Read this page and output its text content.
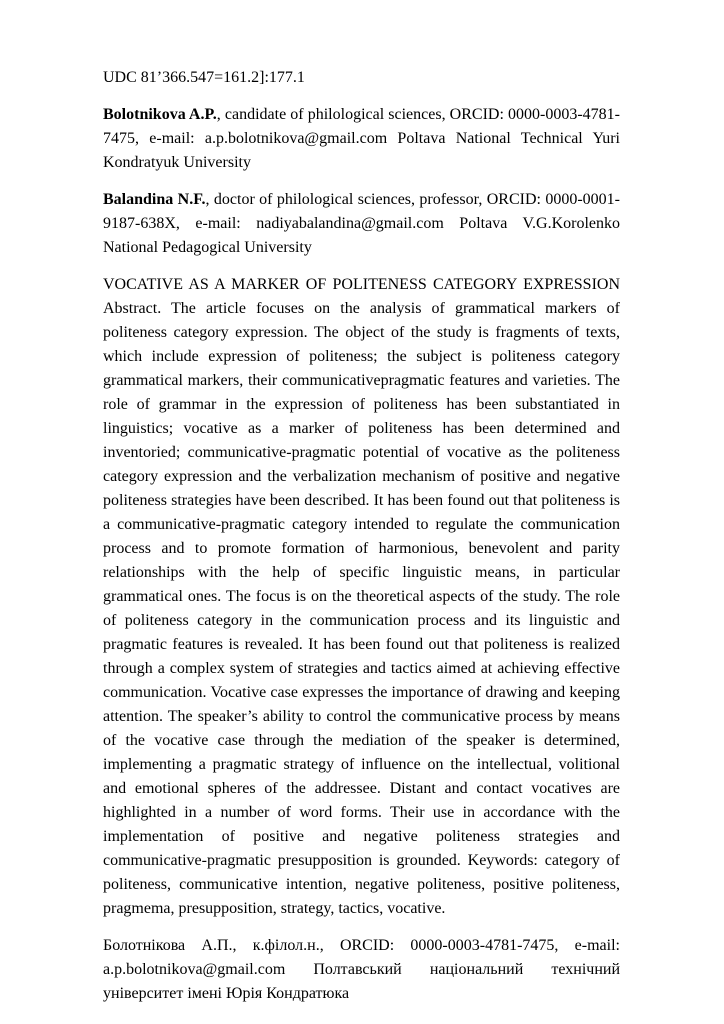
UDC 81’366.547=161.2]:177.1

Bolotnikova A.P., candidate of philological sciences, ORCID: 0000-0003-4781-7475, e-mail: a.p.bolotnikova@gmail.com Poltava National Technical Yuri Kondratyuk University

Balandina N.F., doctor of philological sciences, professor, ORCID: 0000-0001-9187-638X, e-mail: nadiyabalandina@gmail.com Poltava V.G.Korolenko National Pedagogical University

VOCATIVE AS A MARKER OF POLITENESS CATEGORY EXPRESSION Abstract. The article focuses on the analysis of grammatical markers of politeness category expression. The object of the study is fragments of texts, which include expression of politeness; the subject is politeness category grammatical markers, their communicativepragmatic features and varieties. The role of grammar in the expression of politeness has been substantiated in linguistics; vocative as a marker of politeness has been determined and inventoried; communicative-pragmatic potential of vocative as the politeness category expression and the verbalization mechanism of positive and negative politeness strategies have been described. It has been found out that politeness is a communicative-pragmatic category intended to regulate the communication process and to promote formation of harmonious, benevolent and parity relationships with the help of specific linguistic means, in particular grammatical ones. The focus is on the theoretical aspects of the study. The role of politeness category in the communication process and its linguistic and pragmatic features is revealed. It has been found out that politeness is realized through a complex system of strategies and tactics aimed at achieving effective communication. Vocative case expresses the importance of drawing and keeping attention. The speaker’s ability to control the communicative process by means of the vocative case through the mediation of the speaker is determined, implementing a pragmatic strategy of influence on the intellectual, volitional and emotional spheres of the addressee. Distant and contact vocatives are highlighted in a number of word forms. Their use in accordance with the implementation of positive and negative politeness strategies and communicative-pragmatic presupposition is grounded. Keywords: category of politeness, communicative intention, negative politeness, positive politeness, pragmema, presupposition, strategy, tactics, vocative.

Болотнікова А.П., к.філол.н., ORCID: 0000-0003-4781-7475, e-mail: a.p.bolotnikova@gmail.com Полтавський національний технічний університет імені Юрія Кондратюка
